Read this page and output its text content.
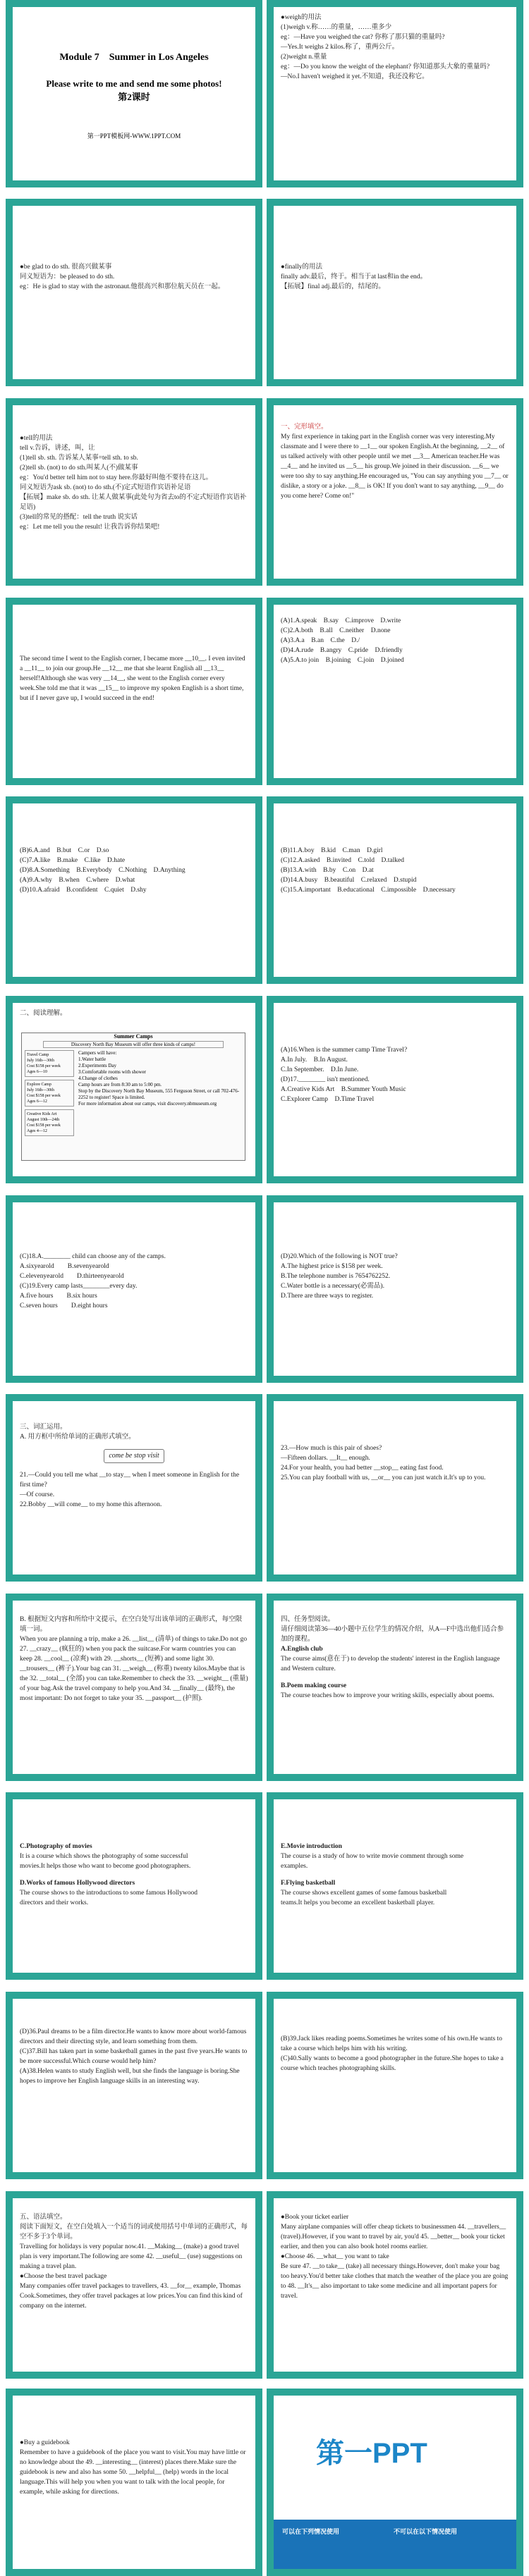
Module 7　Summer in Los Angeles
Please write to me and send me some photos!
第2课时
第一PPT模板网-WWW.1PPT.COM
●weigh的用法
(1)weigh v.称……的重量，……重多少
eg：—Have you weighed the cat? 你称了那只猫的重量吗?
—Yes.It weighs 2 kilos.称了，重两公斤。
(2)weight n.重量
eg：—Do you know the weight of the elephant? 你知道那头大象的重量吗?
—No.I haven't weighed it yet.不知道，我还没称它。
●be glad to do sth. 很高兴做某事
同义短语为：be pleased to do sth.
eg：He is glad to stay with the astronaut.他很高兴和那位航天员在一起。
●finally的用法
finally adv.最后，终于。相当于at last和in the end。
【拓展】final adj.最后的，结尾的。
●tell的用法
tell v.告诉，讲述，叫，让
(1)tell sb. sth. 告诉某人某事=tell sth. to sb.
(2)tell sb. (not) to do sth.叫某人(不)做某事
eg：You'd better tell him not to stay here.你最好叫他不要待在这儿。
同义短语为ask sb. (not) to do sth.(不)定式短语作宾语补足语
【拓展】make sb. do sth. 让某人做某事(此处句为省去to的不定式短语作宾语补足语)
(3)tell的常见的搭配：tell the truth 说实话
eg：Let me tell you the result! 让我告诉你结果吧!
一、完形填空。
My first experience in taking part in the English corner was very interesting.My classmate and I were there to __1__ our spoken English.At the beginning, __2__ of us talked actively with other people until we met __3__ American teacher.He was __4__ and he invited us __5__ his group.We joined in their discussion. __6__ we were too shy to say anything.He encouraged us, "You can say anything you __7__ or dislike, a story or a joke. __8__ is OK! If you don't want to say anything, __9__ do you come here? Come on!"
The second time I went to the English corner, I became more __10__. I even invited a __11__ to join our group.He __12__ me that she learnt English all __13__ herself!Although she was very __14__, she went to the English corner every week.She told me that it was __15__ to improve my spoken English is a short time, but if I never gave up, I would succeed in the end!
(A)1.A.speak　B.say　C.improve　D.write
(C)2.A.both　B.all　C.neither　D.none
(A)3.A.a　B.an　C.the　D./
(D)4.A.rude　B.angry　C.pride　D.friendly
(A)5.A.to join　B.joining　C.join　D.joined
(B)6.A.and　B.but　C.or　D.so
(C)7.A.like　B.make　C.like　D.hate
(D)8.A.Something　B.Everybody　C.Nothing　D.Anything
(A)9.A.why　B.when　C.where　D.what
(D)10.A.afraid　B.confident　C.quiet　D.shy
(B)11.A.boy　B.kid　C.man　D.girl
(C)12.A.asked　B.invited　C.told　D.talked
(B)13.A.with　B.by　C.on　D.at
(D)14.A.busy　B.beautiful　C.relaxed　D.stupid
(C)15.A.important　B.educational　C.impossible　D.necessary
二、阅读理解。
Summer Camps
Discovery North Bay Museum will offer three kinds of camps!
Travel Camp
July 16th—30th
Cost $158 per week
Ages 6—10
Explore Camp
July 16th—30th
Cost $158 per week
Ages 6—12
Creative Kids Art
August 10th—24th
Cost $158 per week
Ages 4—12
Campers will have:
1.Water battle
2.Experiments Day
3.Comfortable rooms with shower
4.Change of clothes
Camp hours are from 8:30 am to 5:00 pm.
Stop by the Discovery North Bay Museum, 555 Ferguson Street, or call 702-476-2252 to register! Space is limited.
For more information about our camps, visit discovery.nbmuseum.org
(A)16.When is the summer camp Time Travel?
A.In July.　B.In August.
C.In September.　D.In June.
(D)17.________ isn't mentioned.
A.Creative Kids Art　B.Summer Youth Music
C.Explorer Camp　D.Time Travel
(C)18.A.________ child can choose any of the camps.
A.sixyearold　　B.sevenyearold
C.elevenyearold　　D.thirteenyearold
(C)19.Every camp lasts________every day.
A.five hours　　B.six hours
C.seven hours　　D.eight hours
(D)20.Which of the following is NOT true?
A.The highest price is $158 per week.
B.The telephone number is 7654762252.
C.Water bottle is a necessary(必需品).
D.There are three ways to register.
三、词汇运用。
A. 用方框中所给单词的正确形式填空。
come be stop visit
21.—Could you tell me what __to stay__ when I meet someone in English for the first time?
—Of course.
22.Bobby __will come__ to my home this afternoon.
23.—How much is this pair of shoes?
—Fifteen dollars. __It__ enough.
24.For your health, you had better __stop__ eating fast food.
25.You can play football with us, __or__ you can just watch it.It's up to you.
B. 根据短文内容和所给中文提示，在空白处写出该单词的正确形式，每空限填一词。
When you are planning a trip, make a 26. __list__ (清单) of things to take.Do not go 27. __crazy__ (疯狂的) when you pack the suitcase.For warm countries you can keep 28. __cool__ (凉爽) with 29. __shorts__ (短裤) and some light 30. __trousers__ (裤子).Your bag can 31. __weigh__ (称重) twenty kilos.Maybe that is the 32. __total__ (全部) you can take.Remember to check the 33. __weight__ (重量) of your bag.Ask the travel company to help you.And 34. __finally__ (最终), the most important: Do not forget to take your 35. __passport__ (护照).
四、任务型阅读。
请仔细阅读第36—40小题中五位学生的情况介绍，从A—F中选出他们适合参加的课程。
A.English club
The course aims(意在于) to develop the students' interest in the English language and Western culture.
B.Poem making course
The course teaches how to improve your writing skills, especially about poems.
C.Photography of movies
It is a course which shows the photography of some successful movies.It helps those who want to become good photographers.
D.Works of famous Hollywood directors
The course shows to the introductions to some famous Hollywood directors and their works.
E.Movie introduction
The course is a study of how to write movie comment through some examples.
F.Flying basketball
The course shows excellent games of some famous basketball teams.It helps you become an excellent basketball player.
(D)36.Paul dreams to be a film director.He wants to know more about world-famous directors and their directing style, and learn something from them.
(C)37.Bill has taken part in some basketball games in the past five years.He wants to be more successful.Which course would help him?
(A)38.Helen wants to study English well, but she finds the language is boring.She hopes to improve her English language skills in an interesting way.
(B)39.Jack likes reading poems.Sometimes he writes some of his own.He wants to take a course which helps him with his writing.
(C)40.Sally wants to become a good photographer in the future.She hopes to take a course which teaches photographing skills.
五、语法填空。
阅读下面短文，在空白处填入一个适当的词或使用括号中单词的正确形式，每空不多于3个单词。
Travelling for holidays is very popular now.41. __Making__ (make) a good travel plan is very important.The following are some 42. __useful__ (use) suggestions on making a travel plan.
●Choose the best travel package
Many companies offer travel packages to travellers, 43. __for__ example, Thomas Cook.Sometimes, they offer travel packages at low prices.You can find this kind of company on the internet.
●Book your ticket earlier
Many airplane companies will offer cheap tickets to businessmen 44. __travellers__ (travel).However, if you want to travel by air, you'd 45. __better__ book your ticket earlier, and then you can also book hotel rooms earlier.
●Choose 46. __what__ you want to take
Be sure 47. __to take__ (take) all necessary things.However, don't make your bag too heavy.You'd better take clothes that match the weather of the place you are going to 48. __It's__ also important to take some medicine and all important papers for travel.
●Buy a guidebook
Remember to have a guidebook of the place you want to visit.You may have little or no knowledge about the 49. __interesting__ (interest) places there.Make sure the guidebook is new and also has some 50. __helpful__ (help) words in the local language.This will help you when you want to talk with the local people, for example, while asking for directions.
第一PPT
可以在下列情况使用	不可以在以下情况使用
